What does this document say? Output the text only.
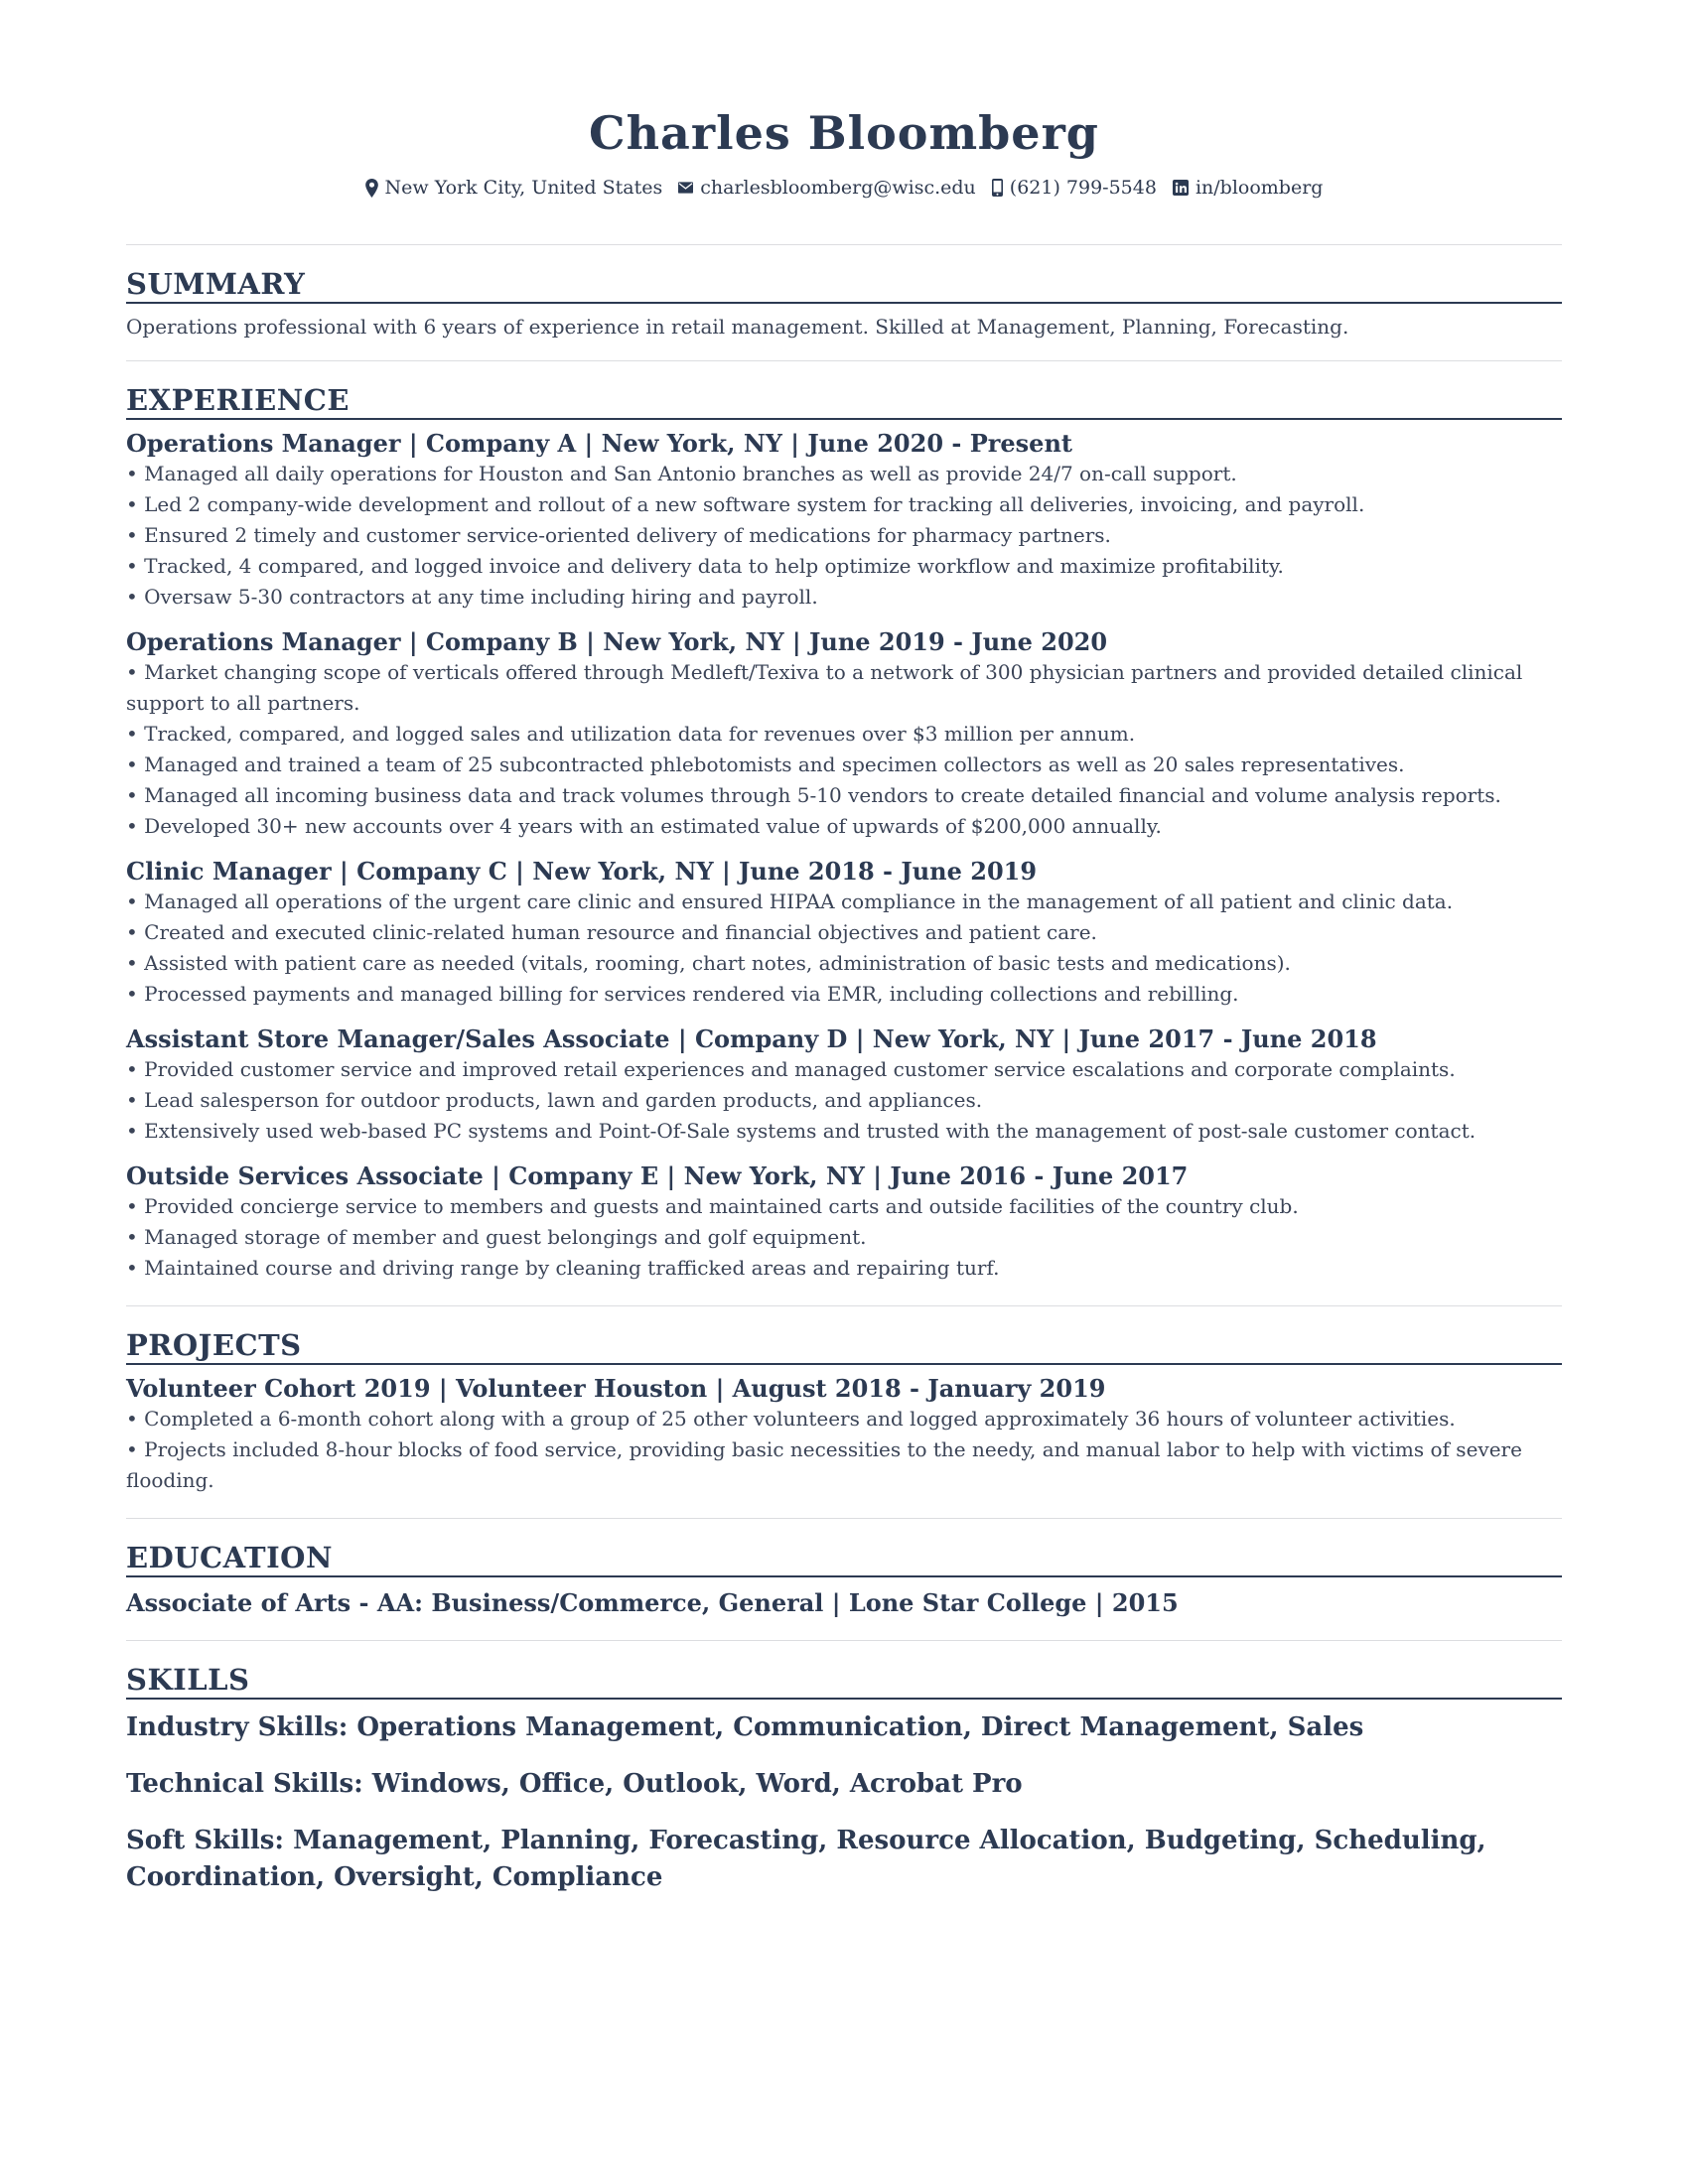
Charles Bloomberg
New York City, United States charlesbloomberg@wisc.edu (621) 799-5548 in/bloomberg
SUMMARY

Operations professional with 6 years of experience in retail management. Skilled at Management, Planning, Forecasting.

EXPERIENCE

Operations Manager | Company A | New York, NY | June 2020 - Present

• Managed all daily operations for Houston and San Antonio branches as well as provide 24/7 on-call support.

• Led 2 company-wide development and rollout of a new software system for tracking all deliveries, invoicing, and payroll.

• Ensured 2 timely and customer service-oriented delivery of medications for pharmacy partners.

• Tracked, 4 compared, and logged invoice and delivery data to help optimize workflow and maximize profitability.

• Oversaw 5-30 contractors at any time including hiring and payroll.

Operations Manager | Company B | New York, NY | June 2019 - June 2020

• Market changing scope of verticals offered through Medleft/Texiva to a network of 300 physician partners and provided detailed clinical support to all partners.

• Tracked, compared, and logged sales and utilization data for revenues over $3 million per annum.

• Managed and trained a team of 25 subcontracted phlebotomists and specimen collectors as well as 20 sales representatives.

• Managed all incoming business data and track volumes through 5-10 vendors to create detailed financial and volume analysis reports.

• Developed 30+ new accounts over 4 years with an estimated value of upwards of $200,000 annually.

Clinic Manager | Company C | New York, NY | June 2018 - June 2019

• Managed all operations of the urgent care clinic and ensured HIPAA compliance in the management of all patient and clinic data.

• Created and executed clinic-related human resource and financial objectives and patient care.

• Assisted with patient care as needed (vitals, rooming, chart notes, administration of basic tests and medications).

• Processed payments and managed billing for services rendered via EMR, including collections and rebilling.

Assistant Store Manager/Sales Associate | Company D | New York, NY | June 2017 - June 2018

• Provided customer service and improved retail experiences and managed customer service escalations and corporate complaints.

• Lead salesperson for outdoor products, lawn and garden products, and appliances.

• Extensively used web-based PC systems and Point-Of-Sale systems and trusted with the management of post-sale customer contact.

Outside Services Associate | Company E | New York, NY | June 2016 - June 2017

• Provided concierge service to members and guests and maintained carts and outside facilities of the country club.

• Managed storage of member and guest belongings and golf equipment.

• Maintained course and driving range by cleaning trafficked areas and repairing turf.

PROJECTS

Volunteer Cohort 2019 | Volunteer Houston | August 2018 - January 2019

• Completed a 6-month cohort along with a group of 25 other volunteers and logged approximately 36 hours of volunteer activities.

• Projects included 8-hour blocks of food service, providing basic necessities to the needy, and manual labor to help with victims of severe flooding.

EDUCATION

Associate of Arts - AA: Business/Commerce, General | Lone Star College | 2015

SKILLS

Industry Skills: Operations Management, Communication, Direct Management, Sales

Technical Skills: Windows, Office, Outlook, Word, Acrobat Pro

Soft Skills: Management, Planning, Forecasting, Resource Allocation, Budgeting, Scheduling, Coordination, Oversight, Compliance
